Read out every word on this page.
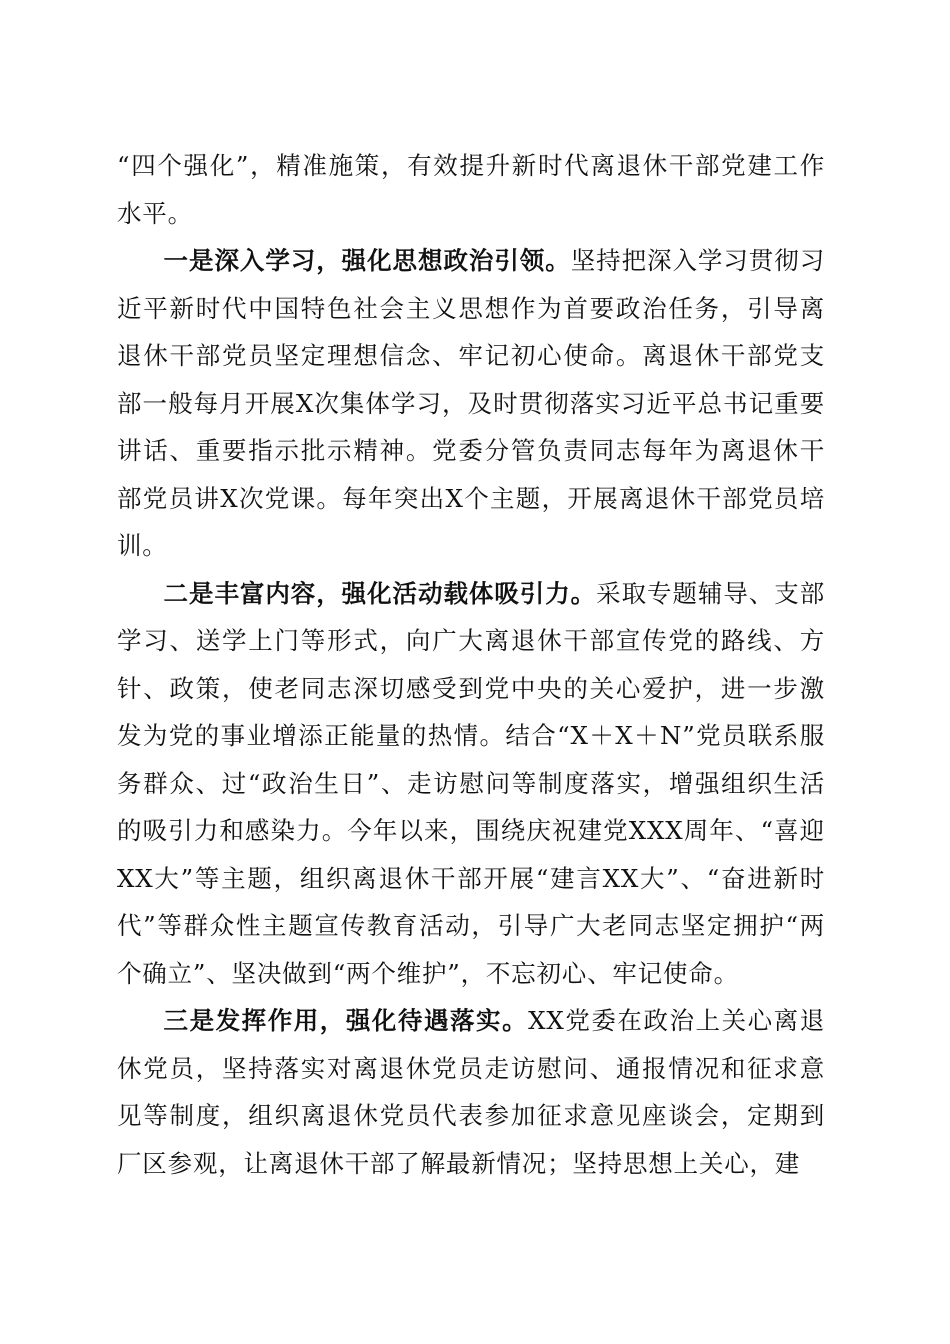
“四个强化”，精准施策，有效提升新时代离退休干部党建工作水平。

一是深入学习，强化思想政治引领。坚持把深入学习贯彻习近平新时代中国特色社会主义思想作为首要政治任务，引导离退休干部党员坚定理想信念、牢记初心使命。离退休干部党支部一般每月开展X次集体学习，及时贯彻落实习近平总书记重要讲话、重要指示批示精神。党委分管负责同志每年为离退休干部党员讲X次党课。每年突出X个主题，开展离退休干部党员培训。

二是丰富内容，强化活动载体吸引力。采取专题辅导、支部学习、送学上门等形式，向广大离退休干部宣传党的路线、方针、政策，使老同志深切感受到党中央的关心爱护，进一步激发为党的事业增添正能量的热情。结合“X＋X＋N”党员联系服务群众、过“政治生日”、走访慰问等制度落实，增强组织生活的吸引力和感染力。今年以来，围绕庆祝建党XXX周年、“喜迎XX大”等主题，组织离退休干部开展“建言XX大”、“奋进新时代”等群众性主题宣传教育活动，引导广大老同志坚定拥护“两个确立”、坚决做到“两个维护”，不忘初心、牢记使命。

三是发挥作用，强化待遇落实。XX党委在政治上关心离退休党员，坚持落实对离退休党员走访慰问、通报情况和征求意见等制度，组织离退休党员代表参加征求意见座谈会，定期到厂区参观，让离退休干部了解最新情况；坚持思想上关心，建
